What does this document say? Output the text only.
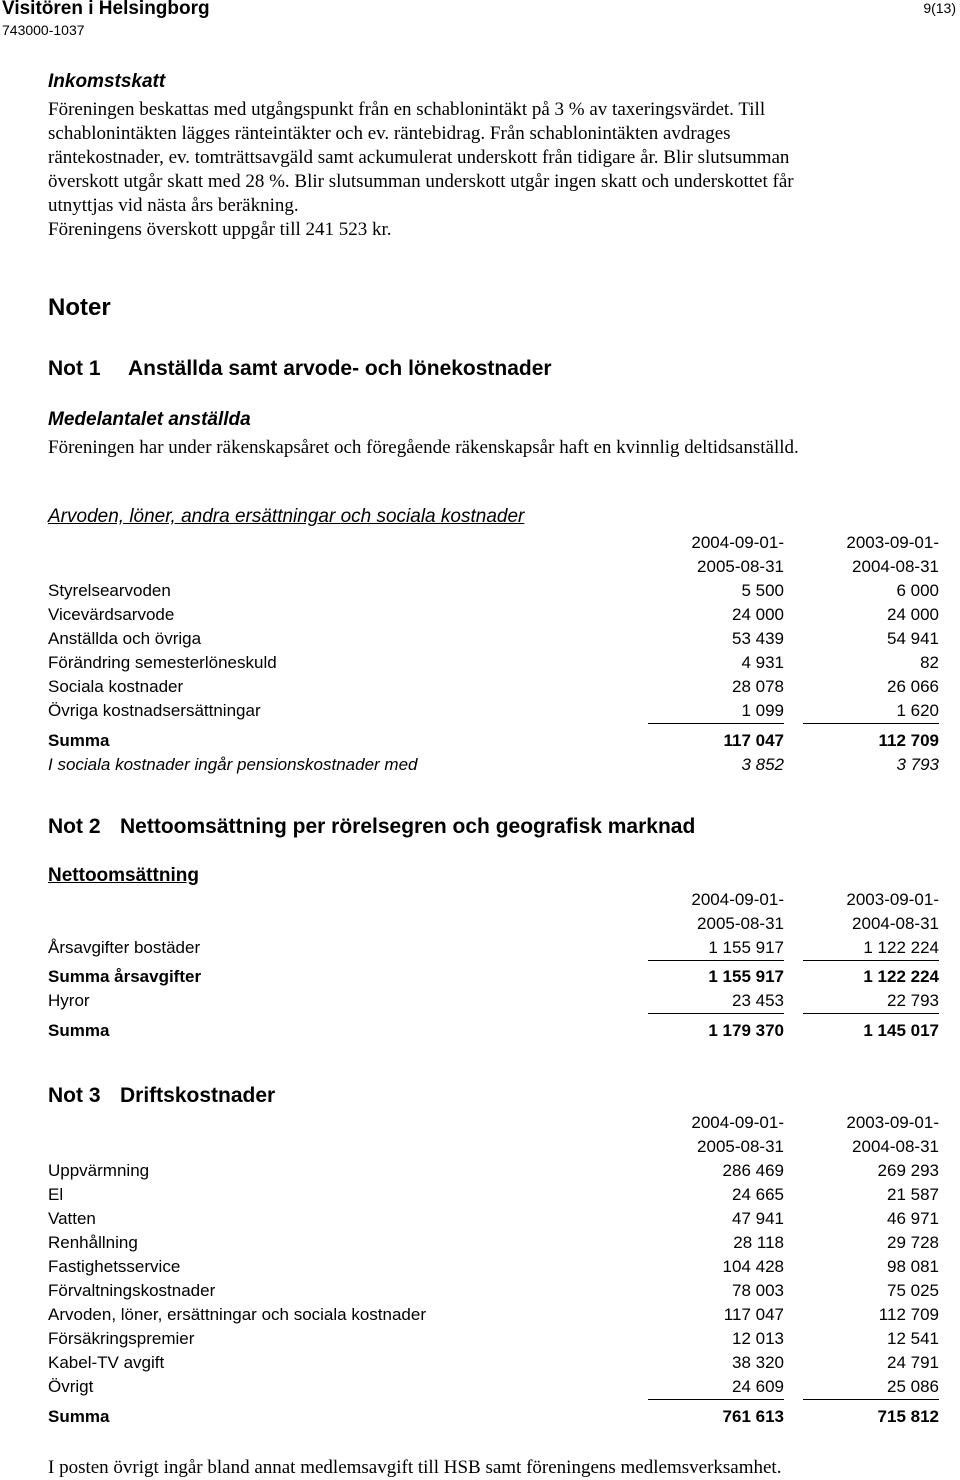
Visitören i Helsingborg
743000-1037
9(13)
Inkomstskatt

Föreningen beskattas med utgångspunkt från en schablonintäkt på 3 % av taxeringsvärdet. Till

schablonintäkten lägges ränteintäkter och ev. räntebidrag. Från schablonintäkten avdrages

räntekostnader, ev. tomträttsavgäld samt ackumulerat underskott från tidigare år. Blir slutsumman

överskott utgår skatt med 28 %. Blir slutsumman underskott utgår ingen skatt och underskottet får

utnyttjas vid nästa års beräkning.

Föreningens överskott uppgår till 241 523 kr.

Noter
Not 1 Anställda samt arvode- och lönekostnader
Medelantalet anställda
Föreningen har under räkenskapsåret och föregående räkenskapsår haft en kvinnlig deltidsanställd.
Arvoden, löner, andra ersättningar och sociala kostnader
2004-09-01-	2003-09-01-
2005-08-31	2004-08-31
Styrelsearvoden	5 500	6 000
Vicevärdsarvode	24 000	24 000
Anställda och övriga	53 439	54 941
Förändring semesterlöneskuld	4 931	82
Sociala kostnader	28 078	26 066
Övriga kostnadsersättningar	1 099	1 620
Summa	117 047	112 709
I sociala kostnader ingår pensionskostnader med	3 852	3 793
Not 2 Nettoomsättning per rörelsegren och geografisk marknad
Nettoomsättning
2004-09-01-	2003-09-01-
2005-08-31	2004-08-31
Årsavgifter bostäder	1 155 917	1 122 224
Summa årsavgifter	1 155 917	1 122 224
Hyror	23 453	22 793
Summa	1 179 370	1 145 017
Not 3 Driftskostnader
2004-09-01-	2003-09-01-
2005-08-31	2004-08-31
Uppvärmning	286 469	269 293
El	24 665	21 587
Vatten	47 941	46 971
Renhållning	28 118	29 728
Fastighetsservice	104 428	98 081
Förvaltningskostnader	78 003	75 025
Arvoden, löner, ersättningar och sociala kostnader	117 047	112 709
Försäkringspremier	12 013	12 541
Kabel-TV avgift	38 320	24 791
Övrigt	24 609	25 086
Summa	761 613	715 812
I posten övrigt ingår bland annat medlemsavgift till HSB samt föreningens medlemsverksamhet.
